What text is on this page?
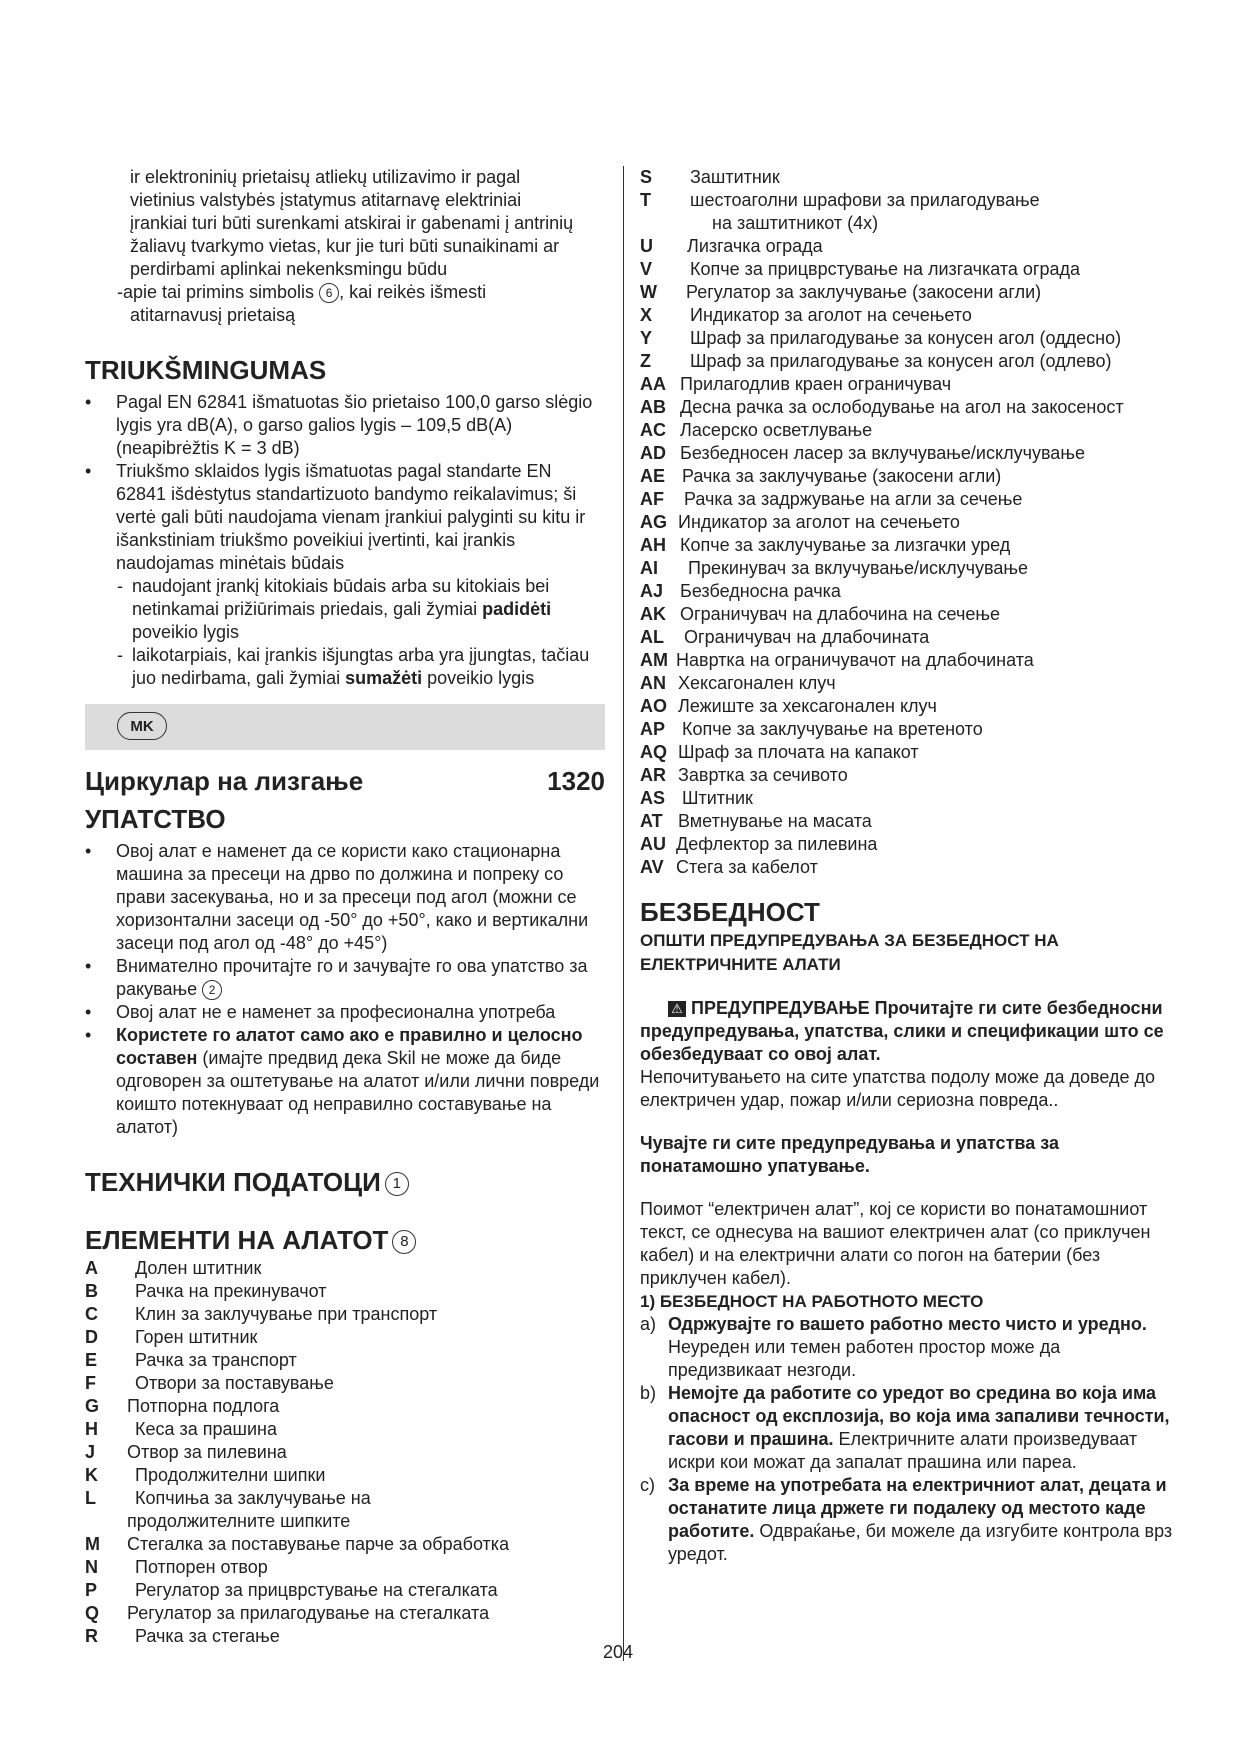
ir elektroninių prietaisų atliekų utilizavimo ir pagal

vietinius valstybės įstatymus atitarnavę elektriniai

įrankiai turi būti surenkami atskirai ir gabenami į antrinių

žaliavų tvarkymo vietas, kur jie turi būti sunaikinami ar

perdirbami aplinkai nekenksmingu būdu

-apie tai primins simbolis 6 , kai reikės išmesti

atitarnavusį prietaisą

TRIUKŠMINGUMAS
• Pagal EN 62841 išmatuotas šio prietaiso 100,0 garso slėgio lygis yra dB(A), o garso galios lygis – 109,5 dB(A) (neapibrėžtis K = 3 dB)
• Triukšmo sklaidos lygis išmatuotas pagal standarte EN 62841 išdėstytus standartizuoto bandymo reikalavimus; ši vertė gali būti naudojama vienam įrankiui palyginti su kitu ir išankstiniam triukšmo poveikiui įvertinti, kai įrankis naudojamas minėtais būdais
- naudojant įrankį kitokiais būdais arba su kitokiais bei netinkamai prižiūrimais priedais, gali žymiai padidėti poveikio lygis
- laikotarpiais, kai įrankis išjungtas arba yra įjungtas, tačiau juo nedirbama, gali žymiai sumažėti poveikio lygis
MK
Циркулар на лизгање	1320
УПАТСТВО
• Овој алат е наменет да се користи како стационарна машина за пресеци на дрво по должина и попреку со прави засекувања, но и за пресеци под агол (можни се хоризонтални засеци од -50° до +50°, како и вертикални засеци под агол од -48° до +45°)
• Внимателно прочитајте го и зачувајте го ова упатство за ракување 2
• Овој алат не е наменет за професионална употреба
• Користете го алатот само ако е правилно и целосно составен (имајте предвид дека Skil не може да биде одговорен за оштетување на алатот и/или лични повреди коишто потекнуваат од неправилно составување на алатот)
ТЕХНИЧКИ ПОДАТОЦИ 1
ЕЛЕМЕНТИ НА АЛАТОТ 8
A	Долен штитник
B	Рачка на прекинувачот
C	Клин за заклучување при транспорт
D	Горен штитник
E	Рачка за транспорт
F	Отвори за поставување
G	Потпорна подлога
H	Кеса за прашина
J	Отвор за пилевина
K	Продолжителни шипки
L	Копчиња за заклучување на
продолжителните шипките
M	Стегалка за поставување парче за обработка
N	Потпорен отвор
P	Регулатор за прицврстување на стегалката
Q	Регулатор за прилагодување на стегалката
R	Рачка за стегање
S	Заштитник
T	шестоаголни шрафови за прилагодување
на заштитникот (4x)
U	Лизгачка ограда
V	Копче за прицврстување на лизгачката ограда
W	Регулатор за заклучување (закосени агли)
X	Индикатор за аголот на сечењето
Y	Шраф за прилагодување за конусен агол (оддесно)
Z	Шраф за прилагодување за конусен агол (одлево)
AA Прилагодлив краен ограничувач
AB Десна рачка за ослободување на агол на закосеност
AC Ласерско осветлување
AD Безбедносен ласер за вклучување/исклучување
AE Рачка за заклучување (закосени агли)
AF	Рачка за задржување на агли за сечење
AG Индикатор за аголот на сечењето
AH Копче за заклучување за лизгачки уред
AI	Прекинувач за вклучување/исклучување
AJ Безбедносна рачка
AK Ограничувач на длабочина на сечење
AL	Ограничувач на длабочината
AM Навртка на ограничувачот на длабочината
AN Хексагонален клуч
AO Лежиште за хексагонален клуч
AP Копче за заклучување на вретеното
AQ Шраф за плочата на капакот
AR Завртка за сечивото
AS Штитник
AT Вметнување на масата
AU Дефлектор за пилевина
AV Стега за кабелот
БЕЗБЕДНОСТ

ОПШТИ ПРЕДУПРЕДУВАЊА ЗА БЕЗБЕДНОСТ НА ЕЛЕКТРИЧНИТЕ АЛАТИ

⚠ ПРЕДУПРЕДУВАЊЕ Прочитајте ги сите безбедносни предупредувања, упатства, слики и спецификации што се обезбедуваат со овој алат.

Непочитувањето на сите упатства подолу може да доведе до електричен удар, пожар и/или сериозна повреда..

Чувајте ги сите предупредувања и упатства за понатамошно упатување.

Поимот “електричен алат”, кој се користи во понатамошниот текст, се однесува на вашиот електричен алат (со приклучен кабел) и на електрични алати со погон на батерии (без приклучен кабел).

1) БЕЗБЕДНОСТ НА РАБОТНОТО МЕСТО

a) Одржувајте го вашето работно место чисто и уредно. Неуреден или темен работен простор може да предизвикаат незгоди.
b) Немојте да работите со уредот во средина во која има опасност од експлозија, во која има запаливи течности, гасови и прашина. Електричните алати произведуваат искри кои можат да запалат прашина или пареа.
c) За време на употребата на електричниот алат, децата и останатите лица држете ги подалеку од местото каде работите. Одвраќање, би можеле да изгубите контрола врз уредот.
204
